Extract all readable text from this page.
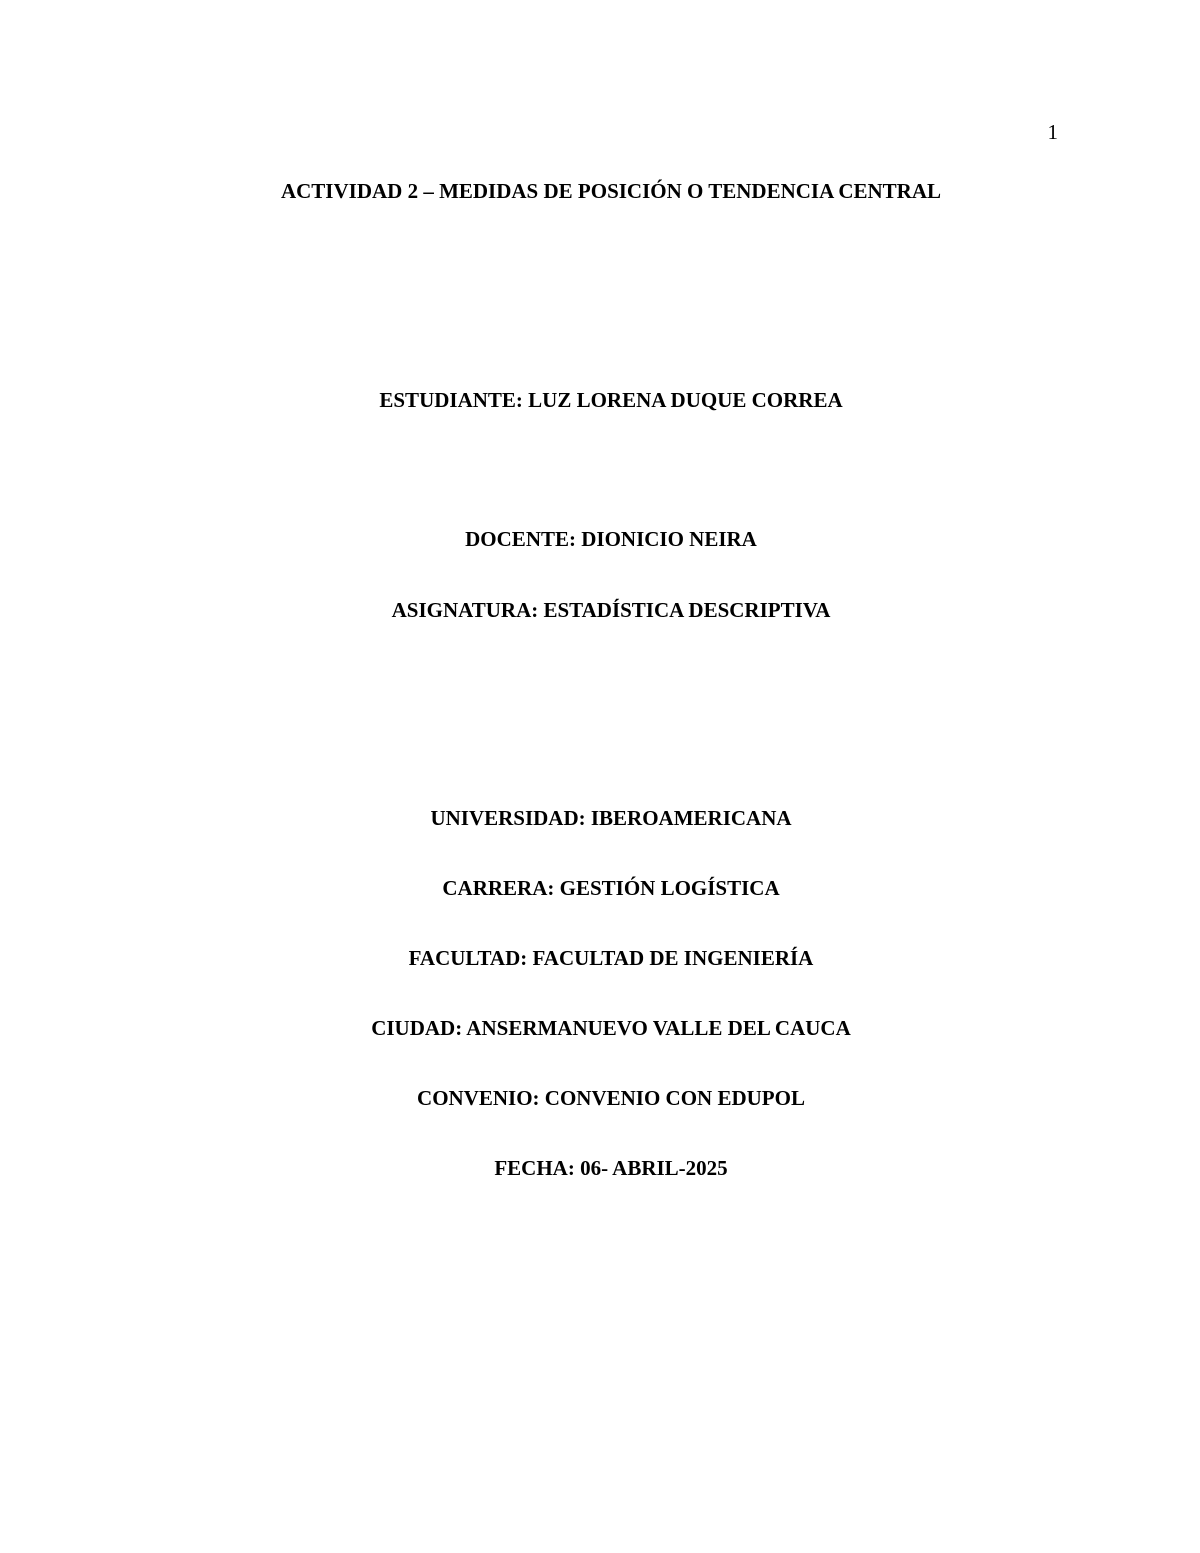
1
ACTIVIDAD 2 – MEDIDAS DE POSICIÓN O TENDENCIA CENTRAL
ESTUDIANTE: LUZ LORENA DUQUE CORREA
DOCENTE: DIONICIO NEIRA
ASIGNATURA: ESTADÍSTICA DESCRIPTIVA
UNIVERSIDAD: IBEROAMERICANA
CARRERA: GESTIÓN LOGÍSTICA
FACULTAD: FACULTAD DE INGENIERÍA
CIUDAD: ANSERMANUEVO VALLE DEL CAUCA
CONVENIO: CONVENIO CON EDUPOL
FECHA: 06- ABRIL-2025
